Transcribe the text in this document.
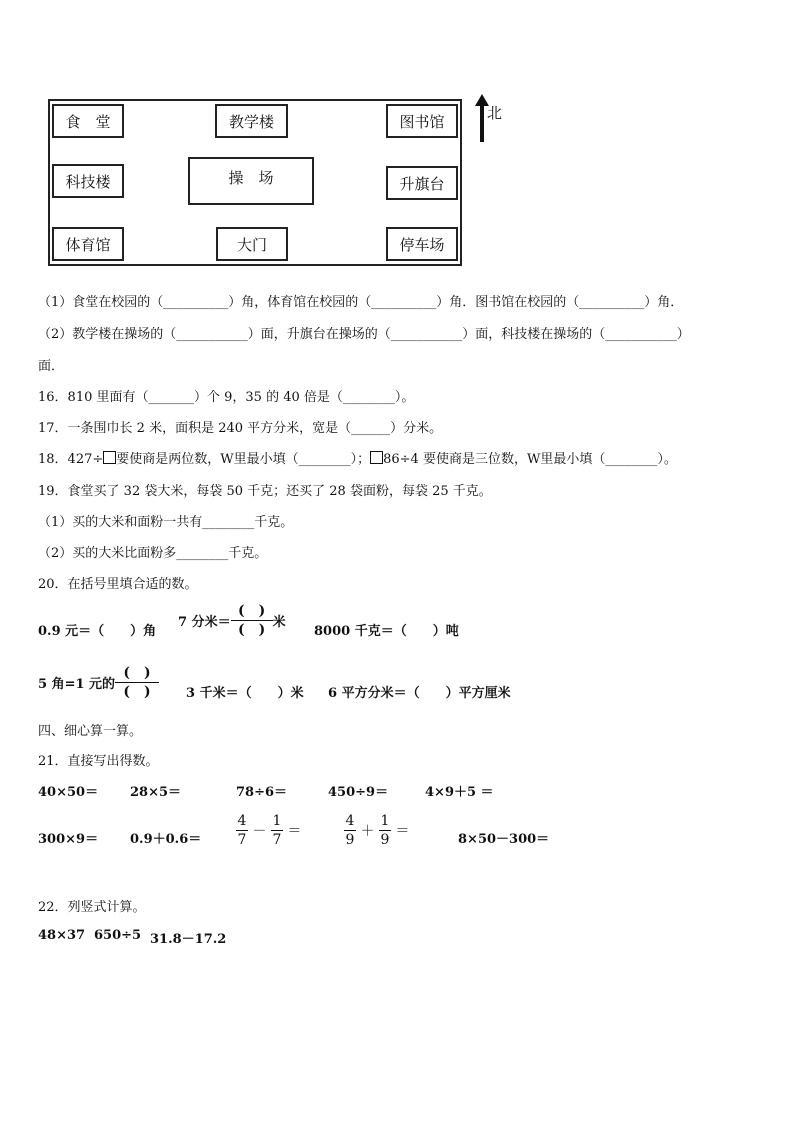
食　堂	教学楼	图书馆
科技楼	操　场	升旗台
体育馆	大门	停车场
北
（1）食堂在校园的（__________）角，体育馆在校园的（__________）角．图书馆在校园的（__________）角．
（2）教学楼在操场的（___________）面，升旗台在操场的（___________）面，科技楼在操场的（___________）
面．
16．810 里面有（_______）个 9，35 的 40 倍是（________）。
17．一条围巾长 2 米，面积是 240 平方分米，宽是（______）分米。
18．427÷ 要使商是两位数，W里最小填（________）； 86÷4 要使商是三位数，W里最小填（________）。
19．食堂买了 32 袋大米，每袋 50 千克；还买了 28 袋面粉，每袋 25 千克。
（1）买的大米和面粉一共有________千克。
（2）买的大米比面粉多________千克。
20．在括号里填合适的数。
0.9 元＝（　　）角
7 分米＝ $\frac{( )}{( )}$ 米
8000 千克＝（　　）吨
5 角=1 元的 $\frac{( )}{( )} 3$ 千米＝（　　）米 6 平方分米＝（　　）平方厘米
四、细心算一算。
21．直接写出得数。
40×50＝ 28×5＝	78÷6＝	450÷9＝	4×9＋5 ＝
$300\times 9= 0.9+0.6= \frac{4}{7} - \frac{1}{7}$ ＝	$\frac{4}{9} + \frac{1}{9}$ ＝	8×50－300＝
22．列竖式计算。
48×37 650÷5 31.8－17.2
